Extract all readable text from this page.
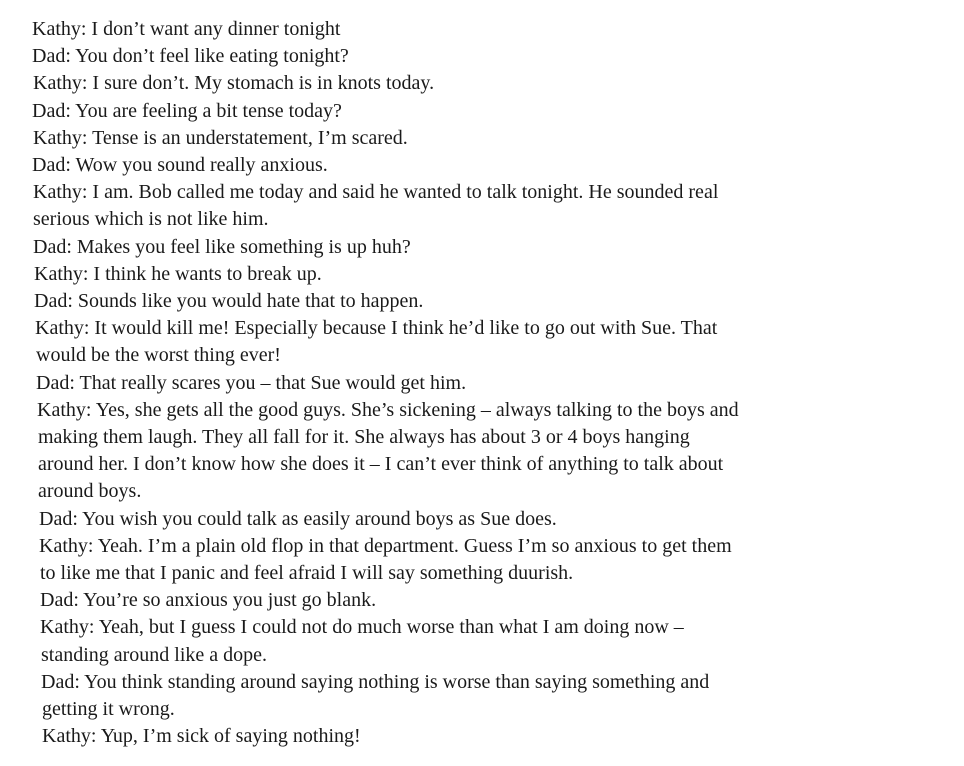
Kathy: I don’t want any dinner tonight
Dad: You don’t feel like eating tonight?
Kathy: I sure don’t. My stomach is in knots today.
Dad: You are feeling a bit tense today?
Kathy: Tense is an understatement, I’m scared.
Dad: Wow you sound really anxious.
Kathy: I am. Bob called me today and said he wanted to talk tonight. He sounded real
serious which is not like him.
Dad: Makes you feel like something is up huh?
Kathy: I think he wants to break up.
Dad: Sounds like you would hate that to happen.
Kathy: It would kill me! Especially because I think he’d like to go out with Sue. That
would be the worst thing ever!
Dad: That really scares you – that Sue would get him.
Kathy: Yes, she gets all the good guys. She’s sickening – always talking to the boys and
making them laugh. They all fall for it. She always has about 3 or 4 boys hanging
around her. I don’t know how she does it – I can’t ever think of anything to talk about
around boys.
Dad: You wish you could talk as easily around boys as Sue does.
Kathy: Yeah. I’m a plain old flop in that department. Guess I’m so anxious to get them
to like me that I panic and feel afraid I will say something duurish.
Dad: You’re so anxious you just go blank.
Kathy: Yeah, but I guess I could not do much worse than what I am doing now –
standing around like a dope.
Dad: You think standing around saying nothing is worse than saying something and
getting it wrong.
Kathy: Yup, I’m sick of saying nothing!
